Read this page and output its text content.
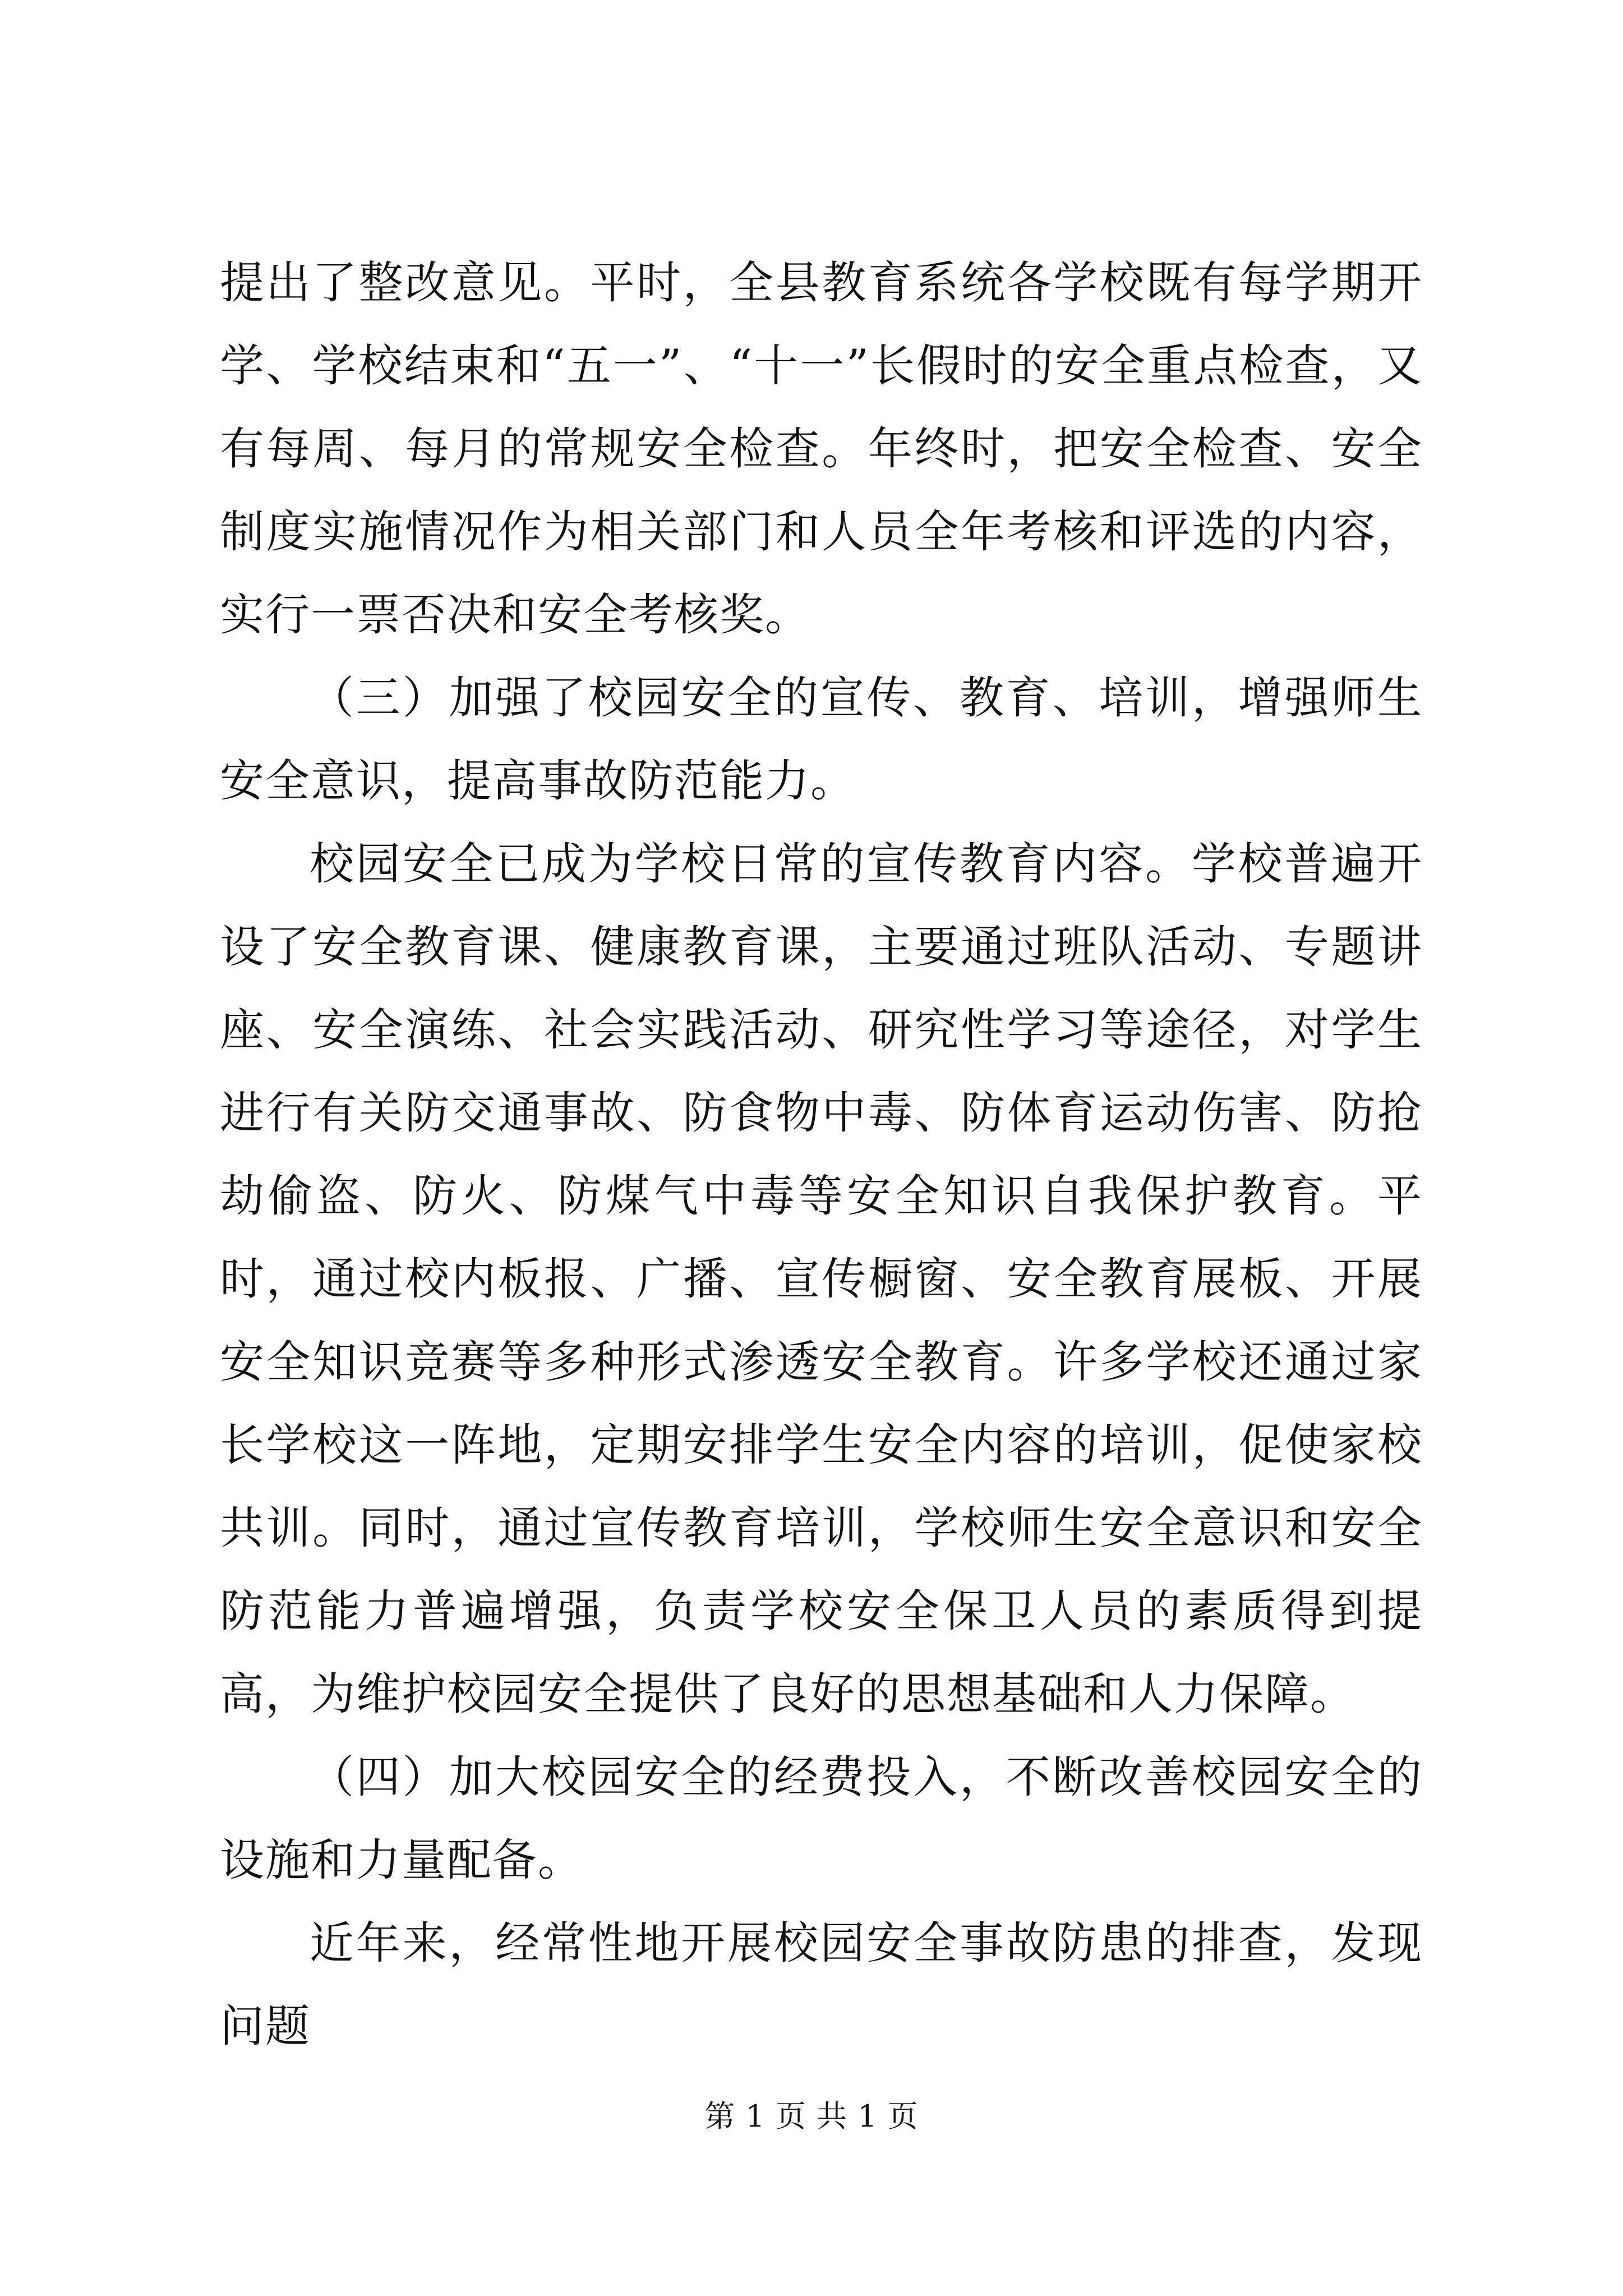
提出了整改意见。平时，全县教育系统各学校既有每学期开学、学校结束和“五一”、“十一”长假时的安全重点检查，又有每周、每月的常规安全检查。年终时，把安全检查、安全制度实施情况作为相关部门和人员全年考核和评选的内容，实行一票否决和安全考核奖。

（三）加强了校园安全的宣传、教育、培训，增强师生安全意识，提高事故防范能力。

校园安全已成为学校日常的宣传教育内容。学校普遍开设了安全教育课、健康教育课，主要通过班队活动、专题讲座、安全演练、社会实践活动、研究性学习等途径，对学生进行有关防交通事故、防食物中毒、防体育运动伤害、防抢劫偷盗、防火、防煤气中毒等安全知识自我保护教育。平时，通过校内板报、广播、宣传橱窗、安全教育展板、开展安全知识竞赛等多种形式渗透安全教育。许多学校还通过家长学校这一阵地，定期安排学生安全内容的培训，促使家校共训。同时，通过宣传教育培训，学校师生安全意识和安全防范能力普遍增强，负责学校安全保卫人员的素质得到提高，为维护校园安全提供了良好的思想基础和人力保障。

（四）加大校园安全的经费投入，不断改善校园安全的设施和力量配备。

近年来，经常性地开展校园安全事故防患的排查，发现问题

第 1 页 共 1 页
